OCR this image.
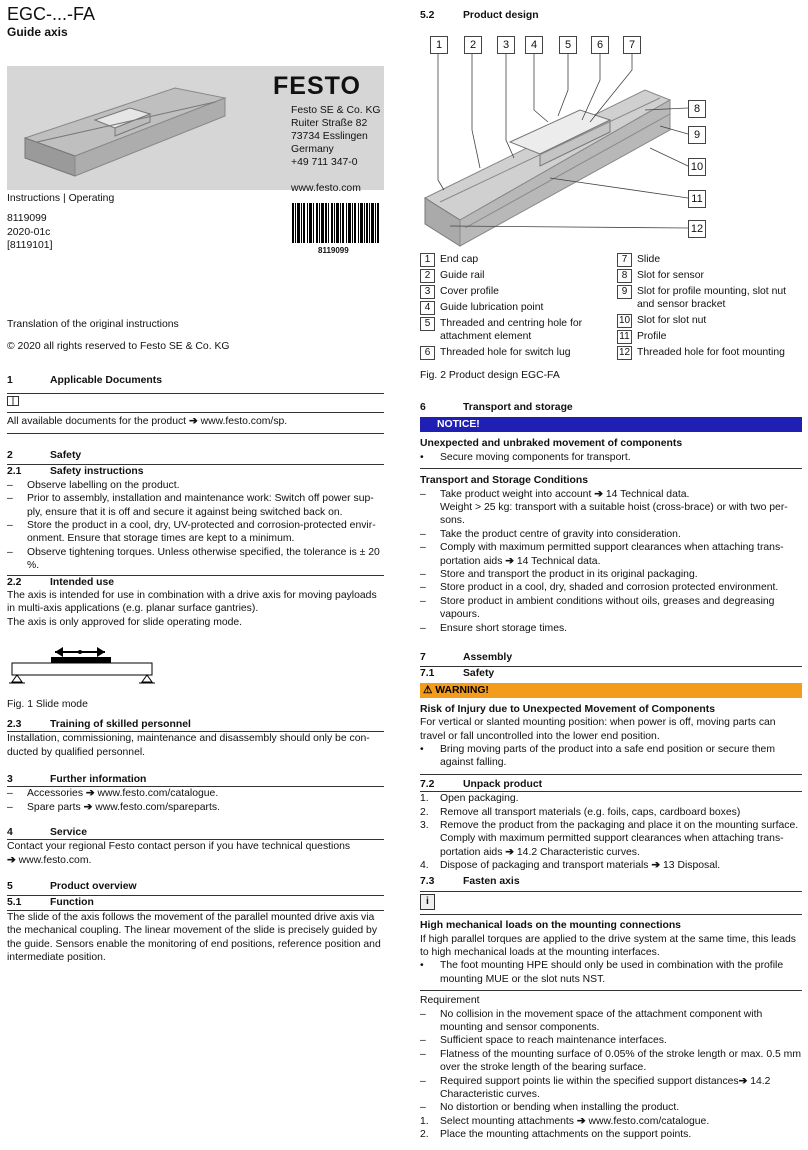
EGC-...-FA
Guide axis
FESTO
Festo SE & Co. KG
Ruiter Straße 82
73734 Esslingen
Germany
+49 711 347-0
www.festo.com
Instructions | Operating
8119099
2020-01c
[8119101]	8119099
Translation of the original instructions
© 2020 all rights reserved to Festo SE & Co. KG
1	Applicable Documents
All available documents for the product ➔ www.festo.com/sp.
2	Safety
2.1	Safety instructions
–	Observe labelling on the product.
–	Prior to assembly, installation and maintenance work: Switch off power sup-ply, ensure that it is off and secure it against being switched back on.
–	Store the product in a cool, dry, UV-protected and corrosion-protected envir-onment. Ensure that storage times are kept to a minimum.
–	Observe tightening torques. Unless otherwise specified, the tolerance is ± 20 %.
2.2	Intended use

The axis is intended for use in combination with a drive axis for moving payloads in multi-axis applications (e.g. planar surface gantries).

The axis is only approved for slide operating mode.

Fig. 1 Slide mode
2.3	Training of skilled personnel
Installation, commissioning, maintenance and disassembly should only be con-ducted by qualified personnel.
3	Further information
–	Accessories ➔ www.festo.com/catalogue.
–	Spare parts ➔ www.festo.com/spareparts.
4	Service
Contact your regional Festo contact person if you have technical questions
➔ www.festo.com.
5	Product overview
5.1	Function

The slide of the axis follows the movement of the parallel mounted drive axis via the mechanical coupling. The linear movement of the slide is precisely guided by the guide. Sensors enable the monitoring of end positions, reference position and intermediate position.

5.2	Product design
1	2	3	4	5	6	7
8
9
10
11
12
1 End cap
2 Guide rail
3 Cover profile
4 Guide lubrication point
5 Threaded and centring hole for attachment element
6 Threaded hole for switch lug
7 Slide
8 Slot for sensor
9 Slot for profile mounting, slot nut and sensor bracket
10 Slot for slot nut
11 Profile
12 Threaded hole for foot mounting
Fig. 2 Product design EGC-FA
6	Transport and storage
NOTICE!
Unexpected and unbraked movement of components
•	Secure moving components for transport.
Transport and Storage Conditions
–	Take product weight into account ➔ 14 Technical data.
Weight > 25 kg: transport with a suitable hoist (cross-brace) or with two per-sons.
–	Take the product centre of gravity into consideration.
–	Comply with maximum permitted support clearances when attaching trans-portation aids ➔ 14 Technical data.
–	Store and transport the product in its original packaging.
–	Store product in a cool, dry, shaded and corrosion protected environment.
–	Store product in ambient conditions without oils, greases and degreasing vapours.
–	Ensure short storage times.
7	Assembly
7.1	Safety
⚠ WARNING!
Risk of Injury due to Unexpected Movement of Components

For vertical or slanted mounting position: when power is off, moving parts can travel or fall uncontrolled into the lower end position.

•	Bring moving parts of the product into a safe end position or secure them against falling.
7.2	Unpack product
1.	Open packaging.
2.	Remove all transport materials (e.g. foils, caps, cardboard boxes)
3.	Remove the product from the packaging and place it on the mounting surface. Comply with maximum permitted support clearances when attaching trans-portation aids ➔ 14.2 Characteristic curves.
4.	Dispose of packaging and transport materials ➔ 13 Disposal.
7.3	Fasten axis
i
High mechanical loads on the mounting connections

If high parallel torques are applied to the drive system at the same time, this leads to high mechanical loads at the mounting interfaces.

•	The foot mounting HPE should only be used in combination with the profile mounting MUE or the slot nuts NST.
Requirement
–	No collision in the movement space of the attachment component with mounting and sensor components.
–	Sufficient space to reach maintenance interfaces.
–	Flatness of the mounting surface of 0.05% of the stroke length or max. 0.5 mm over the stroke length of the bearing surface.
–	Required support points lie within the specified support distances➔ 14.2 Characteristic curves.
–	No distortion or bending when installing the product.
1.	Select mounting attachments ➔ www.festo.com/catalogue.
2.	Place the mounting attachments on the support points.
